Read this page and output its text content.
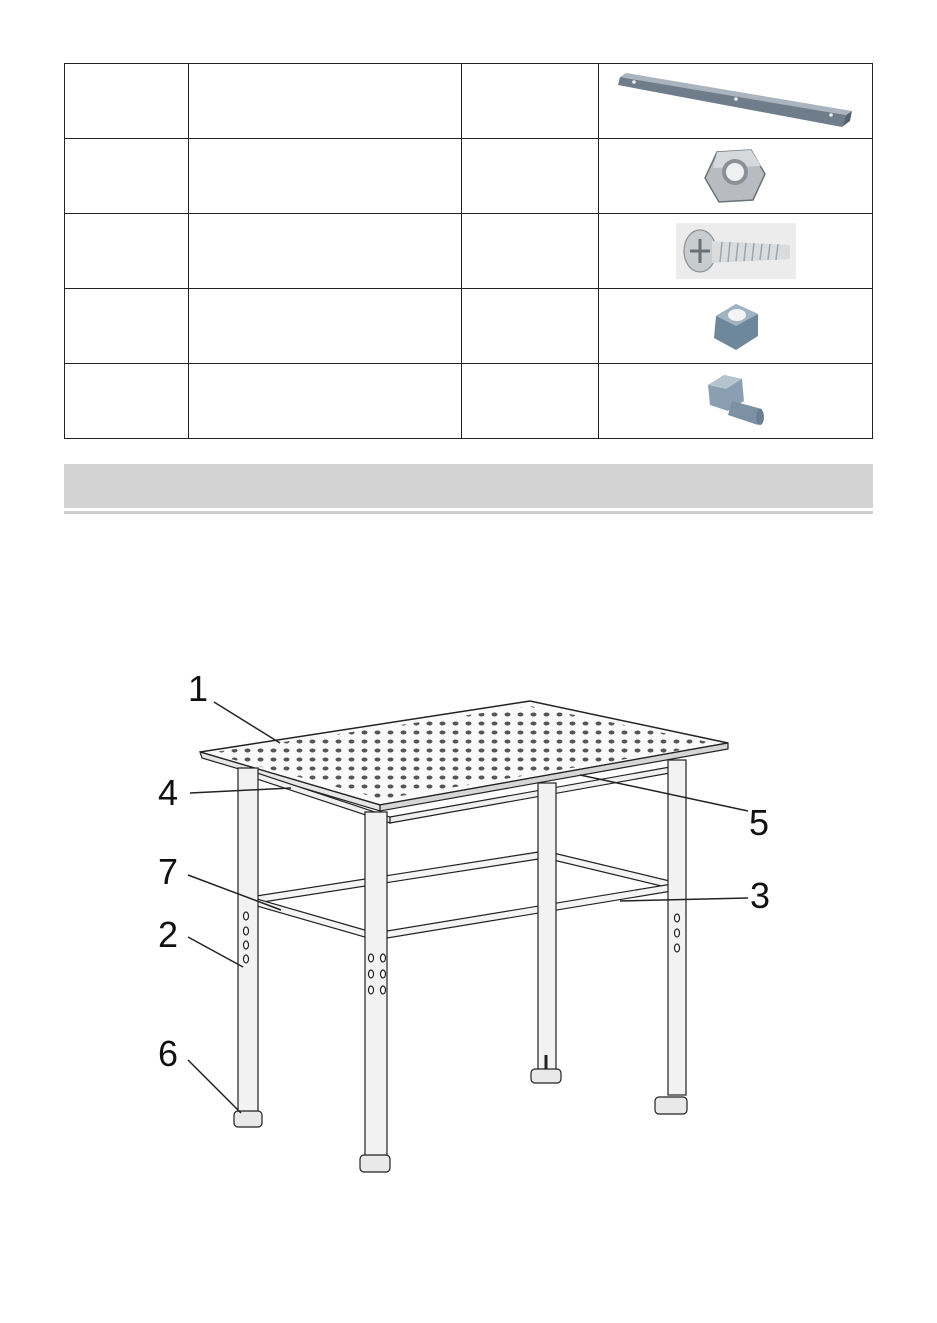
1
4
5
7
3
2
6
